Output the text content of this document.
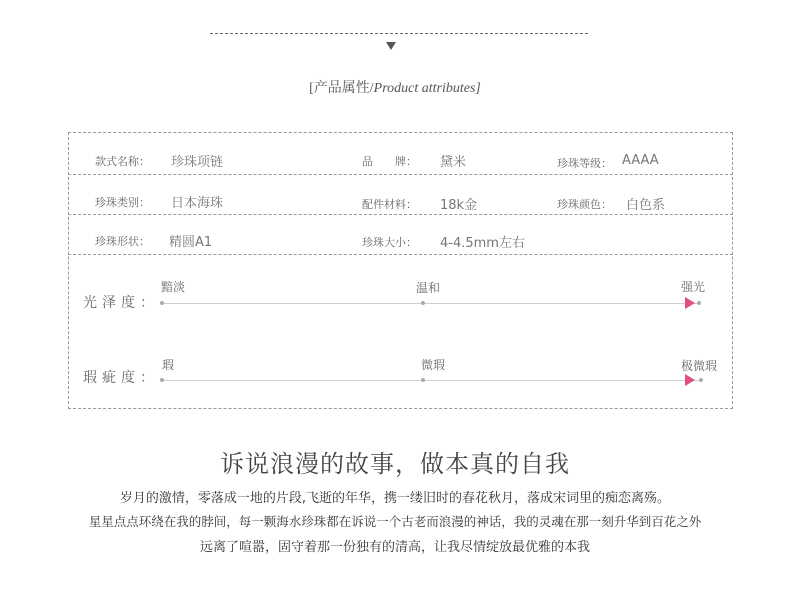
[产品属性/Product attributes]
款式名称： 珍珠项链	品　　牌： 黛米	珍珠等级： AAAA
珍珠类别： 日本海珠	配件材料： 18k金	珍珠颜色： 白色系
珍珠形状： 精圆A1	珍珠大小： 4-4.5mm左右
光泽度：
黯淡	温和	强光
瑕疵度：
瑕	微瑕	极微瑕
诉说浪漫的故事，做本真的自我
岁月的激情，零落成一地的片段,飞逝的年华，携一缕旧时的春花秋月，落成宋词里的痴恋离殇。
星星点点环绕在我的脖间，每一颗海水珍珠都在诉说一个古老而浪漫的神话，我的灵魂在那一刻升华到百花之外
远离了喧嚣，固守着那一份独有的清高，让我尽情绽放最优雅的本我
